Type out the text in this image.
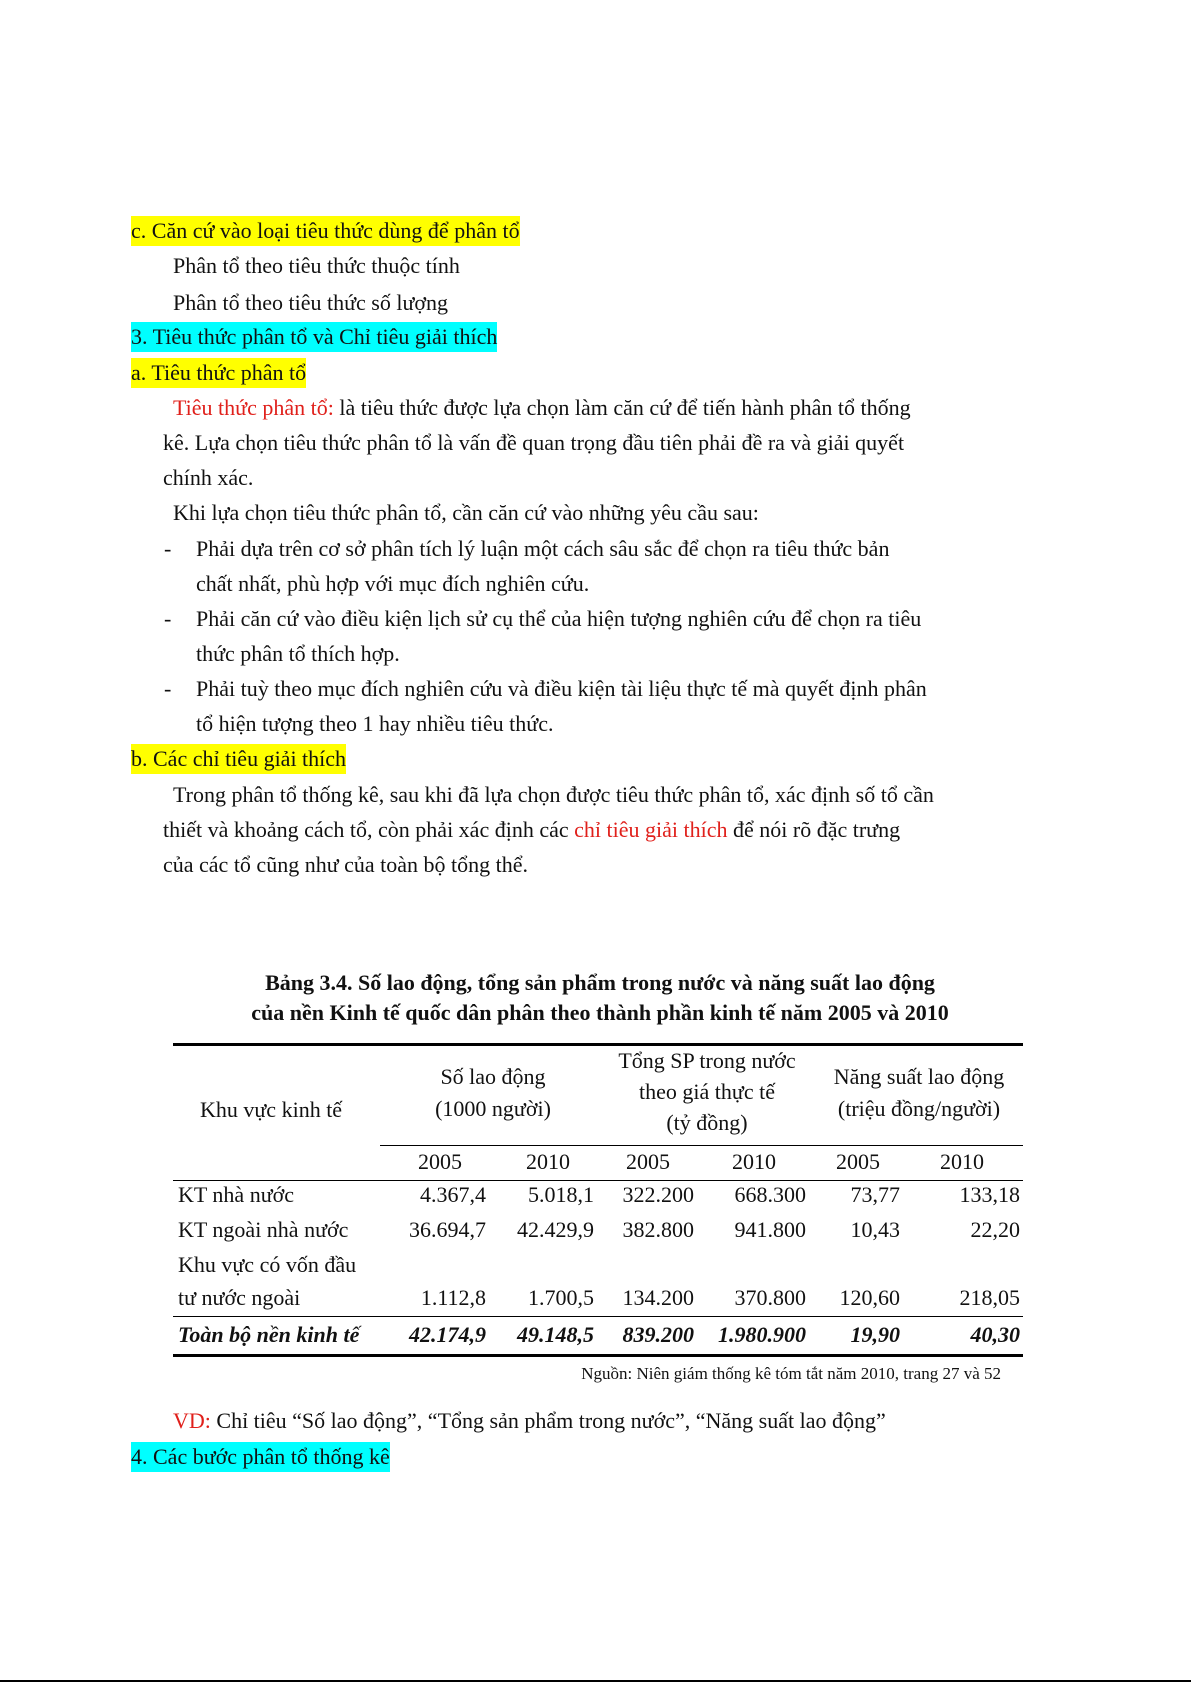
c. Căn cứ vào loại tiêu thức dùng để phân tổ
Phân tổ theo tiêu thức thuộc tính
Phân tổ theo tiêu thức số lượng
3. Tiêu thức phân tổ và Chỉ tiêu giải thích
a. Tiêu thức phân tổ
Tiêu thức phân tổ: là tiêu thức được lựa chọn làm căn cứ để tiến hành phân tổ thống
kê. Lựa chọn tiêu thức phân tổ là vấn đề quan trọng đầu tiên phải đề ra và giải quyết
chính xác.
Khi lựa chọn tiêu thức phân tổ, cần căn cứ vào những yêu cầu sau:
- Phải dựa trên cơ sở phân tích lý luận một cách sâu sắc để chọn ra tiêu thức bản
chất nhất, phù hợp với mục đích nghiên cứu.
- Phải căn cứ vào điều kiện lịch sử cụ thể của hiện tượng nghiên cứu để chọn ra tiêu
thức phân tổ thích hợp.
- Phải tuỳ theo mục đích nghiên cứu và điều kiện tài liệu thực tế mà quyết định phân
tổ hiện tượng theo 1 hay nhiều tiêu thức.
b. Các chỉ tiêu giải thích
Trong phân tổ thống kê, sau khi đã lựa chọn được tiêu thức phân tổ, xác định số tổ cần
thiết và khoảng cách tổ, còn phải xác định các chỉ tiêu giải thích để nói rõ đặc trưng
của các tổ cũng như của toàn bộ tổng thể.
Bảng 3.4. Số lao động, tổng sản phẩm trong nước và năng suất lao động
của nền Kinh tế quốc dân phân theo thành phần kinh tế năm 2005 và 2010
Khu vực kinh tế
Số lao động
(1000 người)
Tổng SP trong nước
theo giá thực tế
(tỷ đồng)
Năng suất lao động
(triệu đồng/người)
2005	2010	2005	2010	2005	2010
KT nhà nước	4.367,4	5.018,1	322.200	668.300	73,77	133,18
KT ngoài nhà nước	36.694,7	42.429,9	382.800	941.800	10,43	22,20
Khu vực có vốn đầu
tư nước ngoài	1.112,8	1.700,5	134.200	370.800	120,60	218,05
Toàn bộ nền kinh tế	42.174,9	49.148,5	839.200	1.980.900	19,90	40,30
Nguồn: Niên giám thống kê tóm tắt năm 2010, trang 27 và 52
VD: Chỉ tiêu “Số lao động”, “Tổng sản phẩm trong nước”, “Năng suất lao động”
4. Các bước phân tổ thống kê
